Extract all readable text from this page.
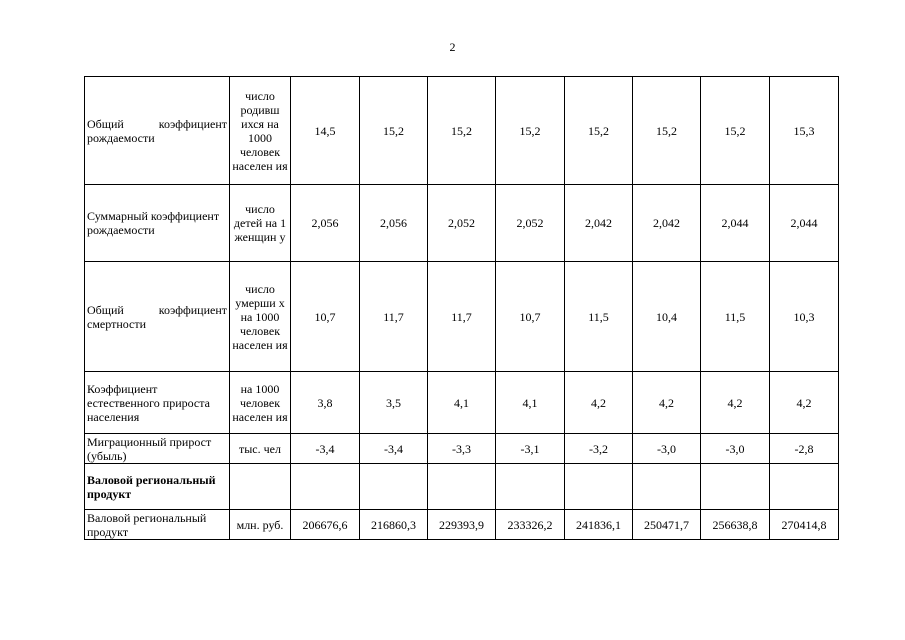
2
Общий коэффициент рождаемости	число родивш ихся на 1000 человек населен ия	14,5	15,2	15,2	15,2	15,2	15,2	15,2	15,3
Суммарный коэффициент рождаемости	число детей на 1 женщин у	2,056	2,056	2,052	2,052	2,042	2,042	2,044	2,044
Общий коэффициент смертности	число умерши х на 1000 человек населен ия	10,7	11,7	11,7	10,7	11,5	10,4	11,5	10,3
Коэффициент естественного прироста населения	на 1000 человек населен ия	3,8	3,5	4,1	4,1	4,2	4,2	4,2	4,2
Миграционный прирост (убыль)	тыс. чел	-3,4	-3,4	-3,3	-3,1	-3,2	-3,0	-3,0	-2,8
Валовой региональный продукт									
Валовой региональный продукт	млн. руб.	206676,6	216860,3	229393,9	233326,2	241836,1	250471,7	256638,8	270414,8
